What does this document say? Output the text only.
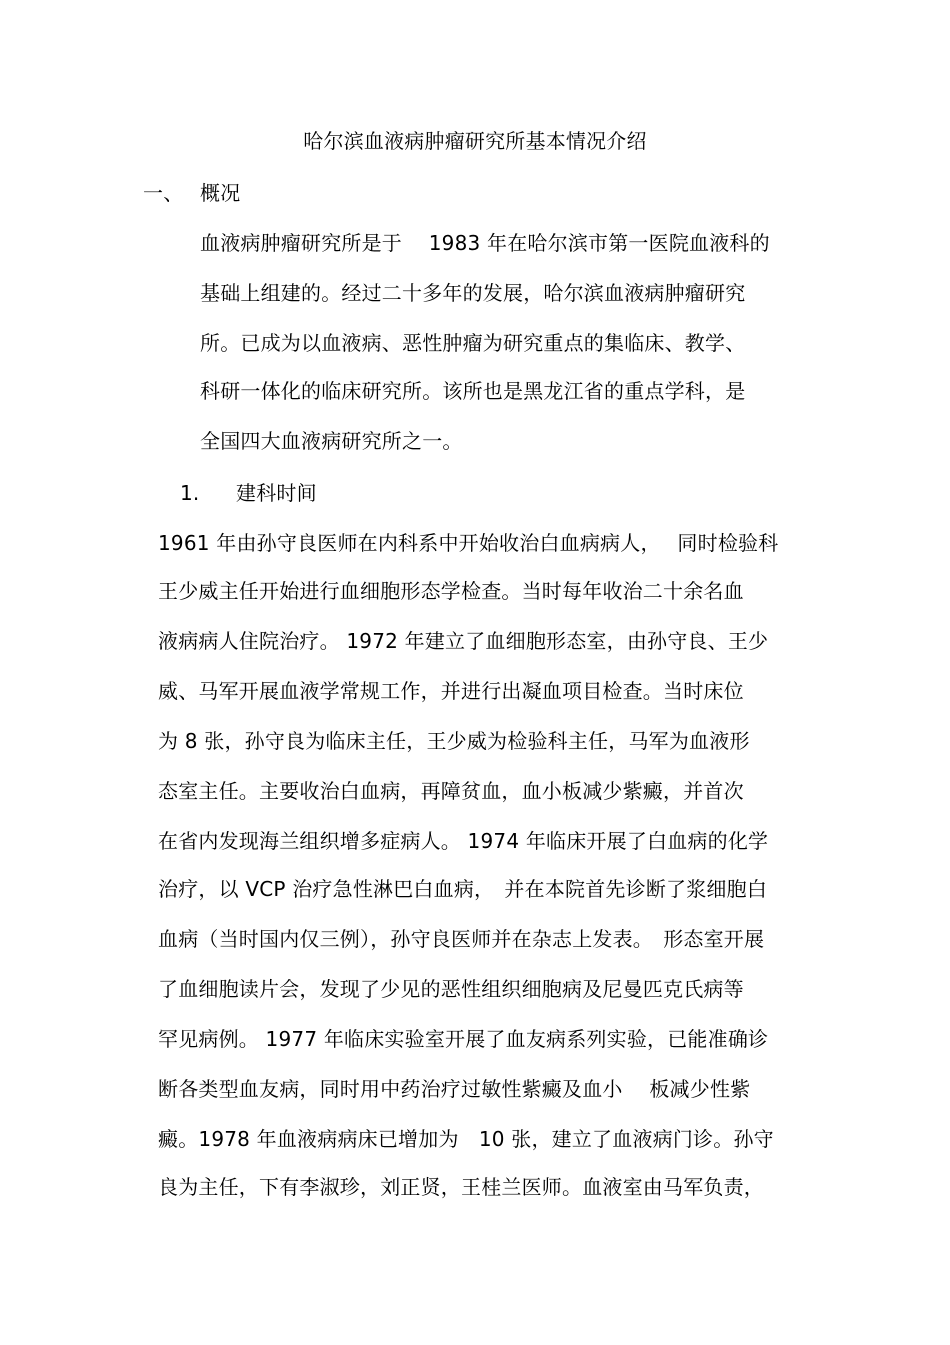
哈尔滨血液病肿瘤研究所基本情况介绍
一、 概况
血液病肿瘤研究所是于　 1983 年在哈尔滨市第一医院血液科的
基础上组建的。经过二十多年的发展，哈尔滨血液病肿瘤研究
所。已成为以血液病、恶性肿瘤为研究重点的集临床、教学、
科研一体化的临床研究所。该所也是黑龙江省的重点学科，是
全国四大血液病研究所之一。
1. 建科时间
1961 年由孙守良医师在内科系中开始收治白血病病人，　 同时检验科
王少威主任开始进行血细胞形态学检查。当时每年收治二十余名血
液病病人住院治疗。 1972 年建立了血细胞形态室，由孙守良、王少
威、马军开展血液学常规工作，并进行出凝血项目检查。当时床位
为 8 张，孙守良为临床主任，王少威为检验科主任，马军为血液形
态室主任。主要收治白血病，再障贫血，血小板减少紫癜，并首次
在省内发现海兰组织增多症病人。 1974 年临床开展了白血病的化学
治疗，以 VCP 治疗急性淋巴白血病，　并在本院首先诊断了浆细胞白
血病（当时国内仅三例），孙守良医师并在杂志上发表。　形态室开展
了血细胞读片会，发现了少见的恶性组织细胞病及尼曼匹克氏病等
罕见病例。 1977 年临床实验室开展了血友病系列实验，已能准确诊
断各类型血友病，同时用中药治疗过敏性紫癜及血小　 板减少性紫
癜。1978 年血液病病床已增加为　10 张，建立了血液病门诊。孙守
良为主任，下有李淑珍，刘正贤，王桂兰医师。血液室由马军负责，
